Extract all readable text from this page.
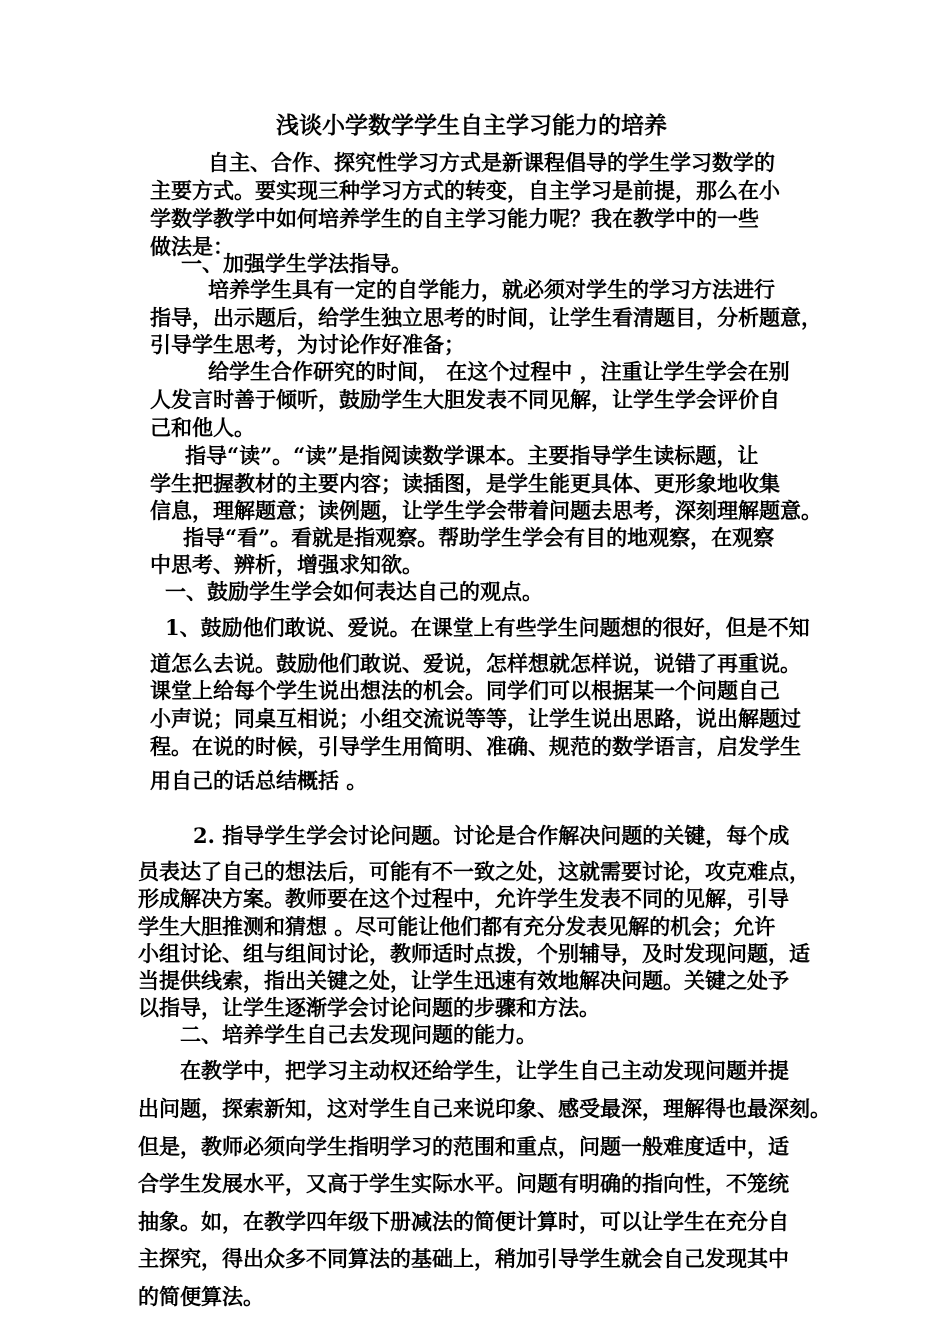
浅谈小学数学学生自主学习能力的培养
自主、合作、探究性学习方式是新课程倡导的学生学习数学的
主要方式。要实现三种学习方式的转变，自主学习是前提，那么在小
学数学教学中如何培养学生的自主学习能力呢？我在教学中的一些
做法是：
一、加强学生学法指导。
培养学生具有一定的自学能力，就必须对学生的学习方法进行
指导，出示题后，给学生独立思考的时间，让学生看清题目，分析题意，
引导学生思考，为讨论作好准备；
给学生合作研究的时间， 在这个过程中 ，注重让学生学会在别
人发言时善于倾听，鼓励学生大胆发表不同见解，让学生学会评价自
己和他人。
指导“读”。“读”是指阅读数学课本。主要指导学生读标题，让
学生把握教材的主要内容；读插图，是学生能更具体、更形象地收集
信息，理解题意；读例题，让学生学会带着问题去思考，深刻理解题意。
指导“看”。看就是指观察。帮助学生学会有目的地观察，在观察
中思考、辨析，增强求知欲。
一、鼓励学生学会如何表达自己的观点。
1、鼓励他们敢说、爱说。在课堂上有些学生问题想的很好，但是不知
道怎么去说。鼓励他们敢说、爱说，怎样想就怎样说，说错了再重说。
课堂上给每个学生说出想法的机会。同学们可以根据某一个问题自己
小声说；同桌互相说；小组交流说等等，让学生说出思路，说出解题过
程。在说的时候，引导学生用简明、准确、规范的数学语言，启发学生
用自己的话总结概括 。
2. 指导学生学会讨论问题。讨论是合作解决问题的关键，每个成
员表达了自己的想法后，可能有不一致之处，这就需要讨论，攻克难点，
形成解决方案。教师要在这个过程中，允许学生发表不同的见解，引导
学生大胆推测和猜想 。尽可能让他们都有充分发表见解的机会；允许
小组讨论、组与组间讨论，教师适时点拨，个别辅导，及时发现问题，适
当提供线索，指出关键之处，让学生迅速有效地解决问题。关键之处予
以指导，让学生逐渐学会讨论问题的步骤和方法。
二、培养学生自己去发现问题的能力。
在教学中，把学习主动权还给学生，让学生自己主动发现问题并提
出问题，探索新知，这对学生自己来说印象、感受最深，理解得也最深刻。
但是，教师必须向学生指明学习的范围和重点，问题一般难度适中，适
合学生发展水平，又高于学生实际水平。问题有明确的指向性，不笼统
抽象。如，在教学四年级下册减法的简便计算时，可以让学生在充分自
主探究，得出众多不同算法的基础上，稍加引导学生就会自己发现其中
的简便算法。
